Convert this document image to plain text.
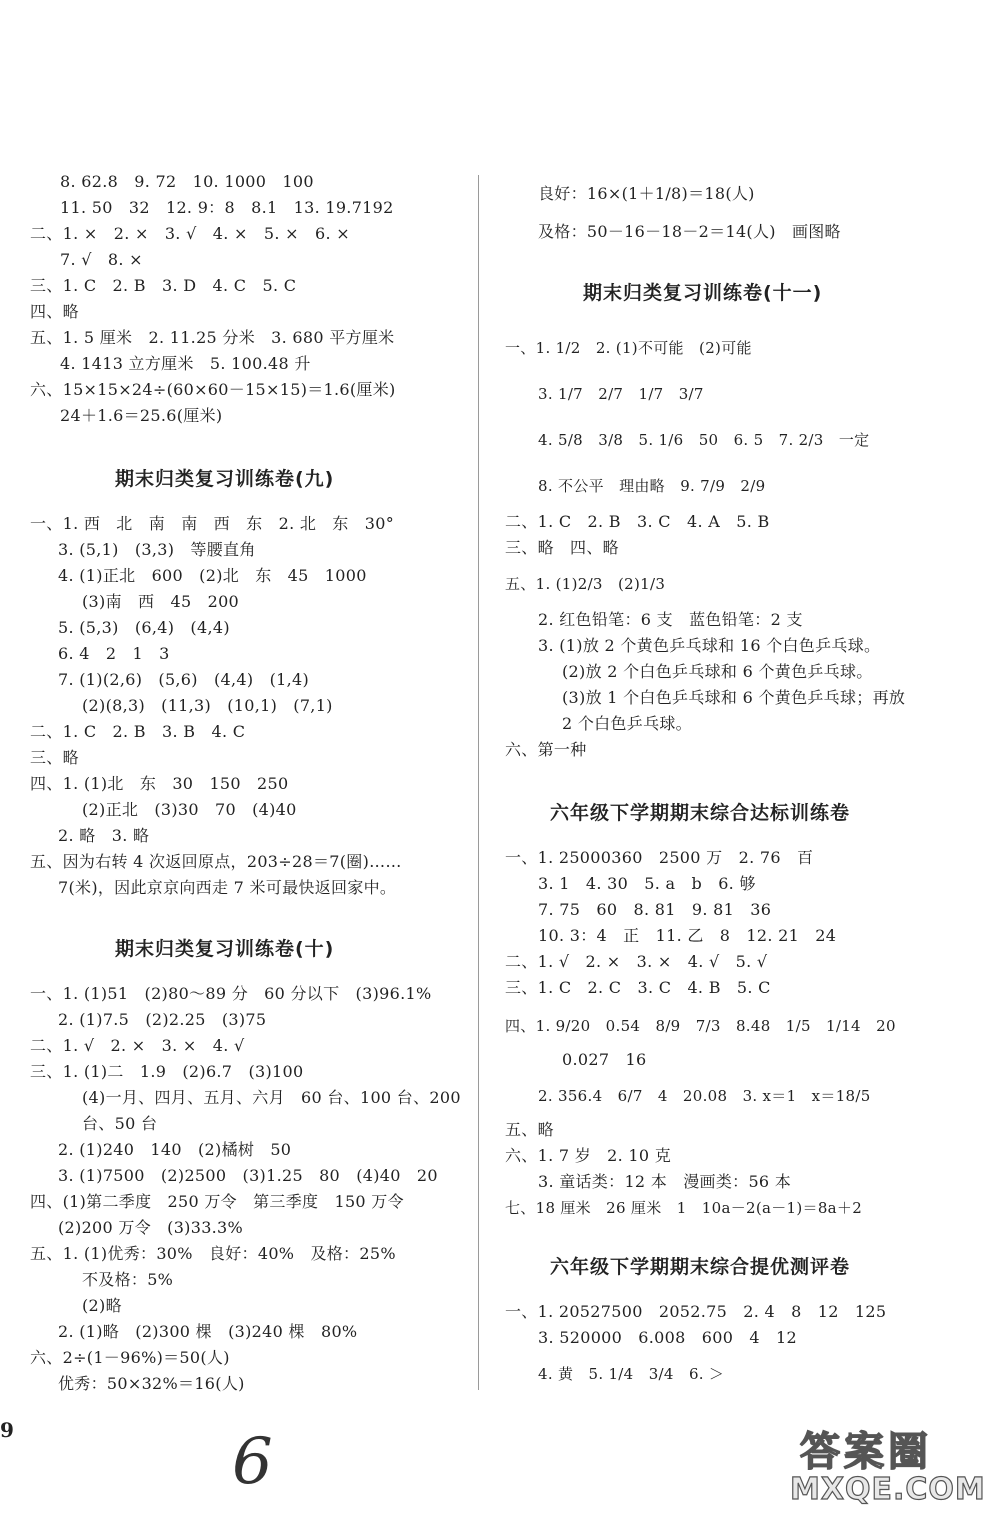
8. 62.8   9. 72   10. 1000   100
11. 50   32   12. 9：8   8.1   13. 19.7192
二、1. ×   2. ×   3. √   4. ×   5. ×   6. ×
7. √   8. ×
三、1. C   2. B   3. D   4. C   5. C
四、略
五、1. 5 厘米   2. 11.25 分米   3. 680 平方厘米
4. 1413 立方厘米   5. 100.48 升
六、15×15×24÷(60×60－15×15)＝1.6(厘米)
24＋1.6＝25.6(厘米)
期末归类复习训练卷(九)
一、1. 西   北   南   南   西   东   2. 北   东   30°
3. (5,1)   (3,3)   等腰直角
4. (1)正北   600   (2)北   东   45   1000
(3)南   西   45   200
5. (5,3)   (6,4)   (4,4)
6. 4   2   1   3
7. (1)(2,6)   (5,6)   (4,4)   (1,4)
(2)(8,3)   (11,3)   (10,1)   (7,1)
二、1. C   2. B   3. B   4. C
三、略
四、1. (1)北   东   30   150   250
(2)正北   (3)30   70   (4)40
2. 略   3. 略
五、因为右转 4 次返回原点，203÷28＝7(圈)……
7(米)，因此京京向西走 7 米可最快返回家中。
期末归类复习训练卷(十)
一、1. (1)51   (2)80～89 分   60 分以下   (3)96.1%
2. (1)7.5   (2)2.25   (3)75
二、1. √   2. ×   3. ×   4. √
三、1. (1)二   1.9   (2)6.7   (3)100
(4)一月、四月、五月、六月   60 台、100 台、200
台、50 台
2. (1)240   140   (2)橘树   50
3. (1)7500   (2)2500   (3)1.25   80   (4)40   20
四、(1)第二季度   250 万令   第三季度   150 万令
(2)200 万令   (3)33.3%
五、1. (1)优秀：30%   良好：40%   及格：25%
不及格：5%
(2)略
2. (1)略   (2)300 棵   (3)240 棵   80%
六、2÷(1－96%)＝50(人)
优秀：50×32%＝16(人)
良好：16×(1＋1/8)＝18(人)
及格：50－16－18－2＝14(人)   画图略
期末归类复习训练卷(十一)
一、1. 1/2   2. (1)不可能   (2)可能
3. 1/7   2/7   1/7   3/7
4. 5/8   3/8   5. 1/6   50   6. 5   7. 2/3   一定
8. 不公平   理由略   9. 7/9   2/9
二、1. C   2. B   3. C   4. A   5. B
三、略   四、略
五、1. (1)2/3   (2)1/3
2. 红色铅笔：6 支   蓝色铅笔：2 支
3. (1)放 2 个黄色乒乓球和 16 个白色乒乓球。
(2)放 2 个白色乒乓球和 6 个黄色乒乓球。
(3)放 1 个白色乒乓球和 6 个黄色乒乓球；再放
2 个白色乒乓球。
六、第一种
六年级下学期期末综合达标训练卷
一、1. 25000360   2500 万   2. 76   百
3. 1   4. 30   5. a   b   6. 够
7. 75   60   8. 81   9. 81   36
10. 3：4   正   11. 乙   8   12. 21   24
二、1. √   2. ×   3. ×   4. √   5. √
三、1. C   2. C   3. C   4. B   5. C
四、1. 9/20   0.54   8/9   7/3   8.48   1/5   1/14   20
0.027   16
2. 356.4   6/7   4   20.08   3. x＝1   x＝18/5
五、略
六、1. 7 岁   2. 10 克
3. 童话类：12 本   漫画类：56 本
七、18 厘米   26 厘米   1   10a－2(a－1)＝8a＋2
六年级下学期期末综合提优测评卷
一、1. 20527500   2052.75   2. 4   8   12   125
3. 520000   6.008   600   4   12
4. 黄   5. 1/4   3/4   6. ＞
9	6	答案圈
MXQE.COM
